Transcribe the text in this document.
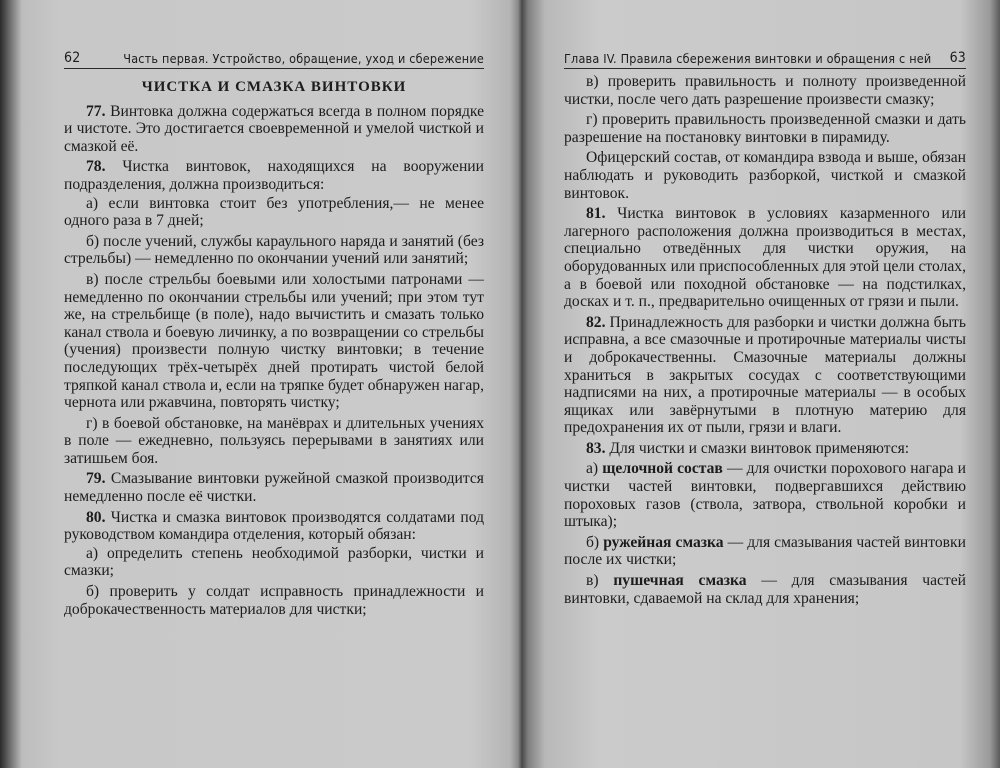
62	Часть первая. Устройство, обращение, уход и сбережение
ЧИСТКА И СМАЗКА ВИНТОВКИ

77. Винтовка должна содержаться всегда в полном порядке и чистоте. Это достигается своевременной и умелой чисткой и смазкой её.

78. Чистка винтовок, находящихся на вооружении подразделения, должна производиться:

а) если винтовка стоит без употребления,— не менее одного раза в 7 дней;

б) после учений, службы караульного наряда и занятий (без стрельбы) — немедленно по окончании учений или занятий;

в) после стрельбы боевыми или холостыми патронами — немедленно по окончании стрельбы или учений; при этом тут же, на стрельбище (в поле), надо вычистить и смазать только канал ствола и боевую личинку, а по возвращении со стрельбы (учения) произвести полную чистку винтовки; в течение последующих трёх-четырёх дней протирать чистой белой тряпкой канал ствола и, если на тряпке будет обнаружен нагар, чернота или ржавчина, повторять чистку;

г) в боевой обстановке, на манёврах и длительных учениях в поле — ежедневно, пользуясь перерывами в занятиях или затишьем боя.

79. Смазывание винтовки ружейной смазкой производится немедленно после её чистки.

80. Чистка и смазка винтовок производятся солдатами под руководством командира отделения, который обязан:

а) определить степень необходимой разборки, чистки и смазки;

б) проверить у солдат исправность принадлежности и доброкачественность материалов для чистки;

Глава IV. Правила сбережения винтовки и обращения с ней 63

в) проверить правильность и полноту произведенной чистки, после чего дать разрешение произвести смазку;

г) проверить правильность произведенной смазки и дать разрешение на постановку винтовки в пирамиду.

Офицерский состав, от командира взвода и выше, обязан наблюдать и руководить разборкой, чисткой и смазкой винтовок.

81. Чистка винтовок в условиях казарменного или лагерного расположения должна производиться в местах, специально отведённых для чистки оружия, на оборудованных или приспособленных для этой цели столах, а в боевой или походной обстановке — на подстилках, досках и т. п., предварительно очищенных от грязи и пыли.

82. Принадлежность для разборки и чистки должна быть исправна, а все смазочные и протирочные материалы чисты и доброкачественны. Смазочные материалы должны храниться в закрытых сосудах с соответствующими надписями на них, а протирочные материалы — в особых ящиках или завёрнутыми в плотную материю для предохранения их от пыли, грязи и влаги.

83. Для чистки и смазки винтовок применяются:

а) щелочной состав — для очистки порохового нагара и чистки частей винтовки, подвергавшихся действию пороховых газов (ствола, затвора, ствольной коробки и штыка);

б) ружейная смазка — для смазывания частей винтовки после их чистки;

в) пушечная смазка — для смазывания частей винтовки, сдаваемой на склад для хранения;
